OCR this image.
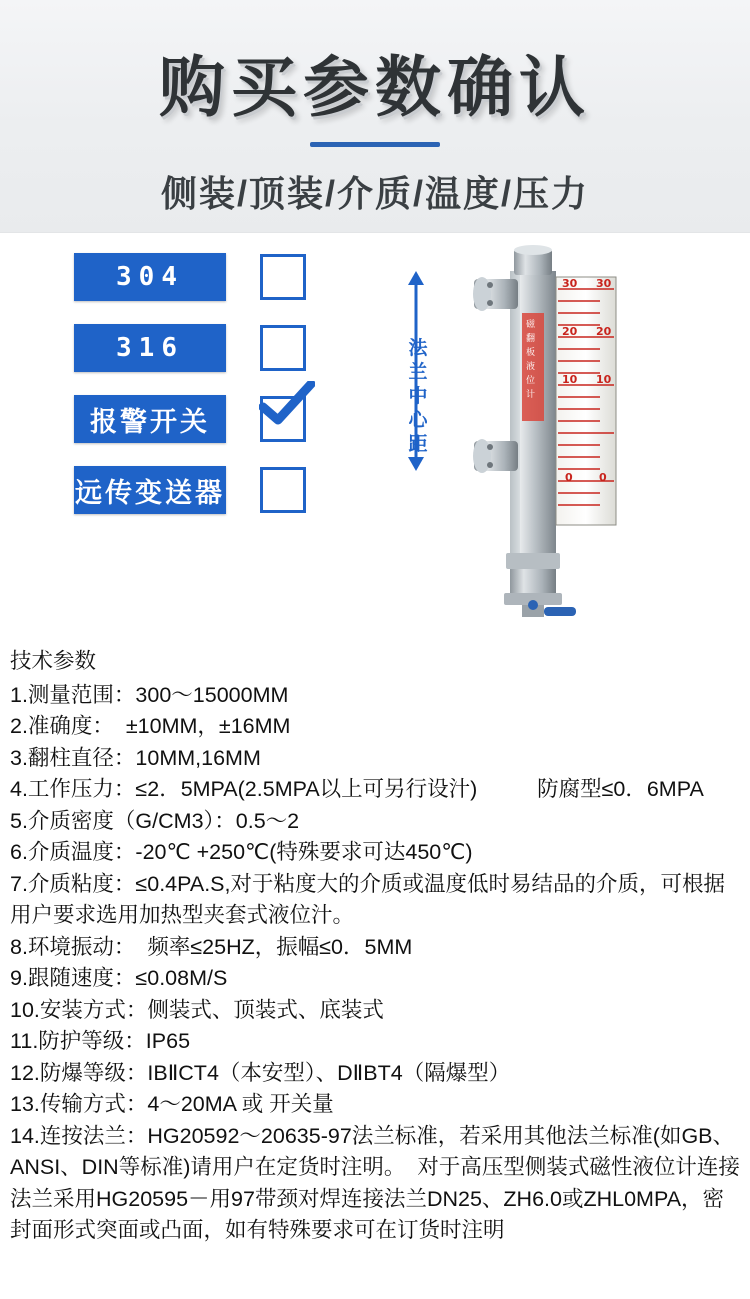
购买参数确认
侧装/顶装/介质/温度/压力
304
316
报警开关
远传变送器
法兰中心距
30
20
10
0
30
20
10
0
磁
翻
板
液
位
计
技术参数
1.测量范围：300～15000MM
2.准确度：  ±10MM，±16MM
3.翻柱直径：10MM,16MM
4.工作压力：≤2．5MPA(2.5MPA以上可另行设汁)          防腐型≤0．6MPA
5.介质密度（G/CM3）：0.5～2
6.介质温度：-20℃ +250℃(特殊要求可达450℃)
7.介质粘度：≤0.4PA.S,对于粘度大的介质或温度低时易结品的介质，可根据用户要求选用加热型夹套式液位汁。
8.环境振动：  频率≤25HZ，振幅≤0．5MM
9.跟随速度：≤0.08M/S
10.安装方式：侧装式、顶装式、底装式
11.防护等级：IP65
12.防爆等级：IBⅡCT4（本安型）、DⅡBT4（隔爆型）
13.传输方式：4～20MA 或 开关量
14.连按法兰：HG20592～20635-97法兰标准，若采用其他法兰标准(如GB、ANSI、DIN等标准)请用户在定货时注明。  对于高压型侧装式磁性液位计连接法兰采用HG20595－用97带颈对焊连接法兰DN25、ZH6.0或ZHL0MPA，密封面形式突面或凸面，如有特殊要求可在订货时注明
